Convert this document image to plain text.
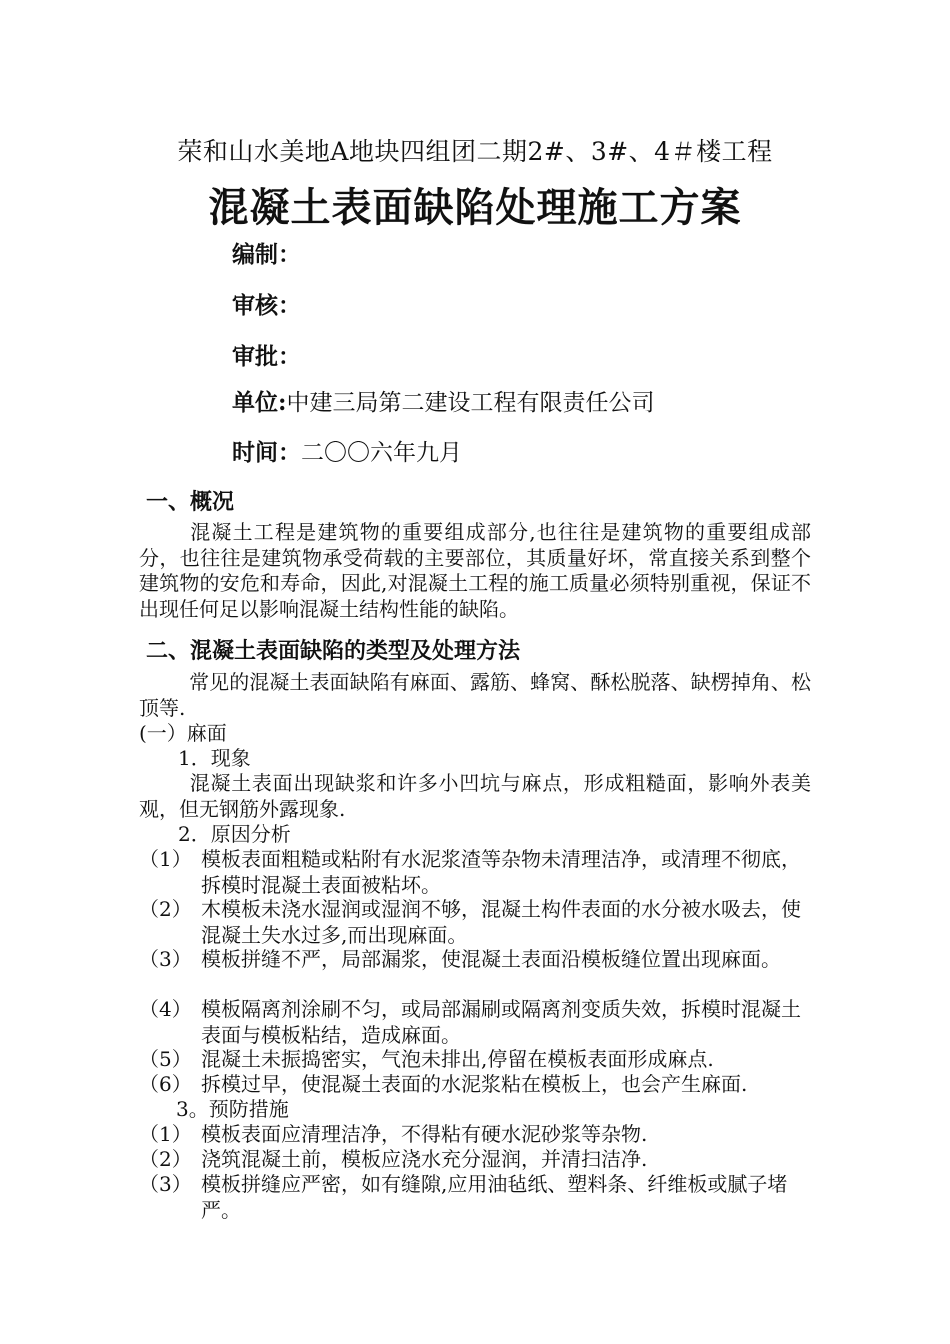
荣和山水美地A地块四组团二期2#、3#、4＃楼工程
混凝土表面缺陷处理施工方案
编制：
审核：
审批：
单位:中建三局第二建设工程有限责任公司
时间：二〇〇六年九月
一、概况
混凝土工程是建筑物的重要组成部分,也往往是建筑物的重要组成部分，也往往是建筑物承受荷载的主要部位，其质量好坏，常直接关系到整个建筑物的安危和寿命，因此,对混凝土工程的施工质量必须特别重视，保证不出现任何足以影响混凝土结构性能的缺陷。
二、混凝土表面缺陷的类型及处理方法
常见的混凝土表面缺陷有麻面、露筋、蜂窝、酥松脱落、缺楞掉角、松顶等.
(一）麻面
1．现象
混凝土表面出现缺浆和许多小凹坑与麻点，形成粗糙面，影响外表美观，但无钢筋外露现象.
2．原因分析
（1） 模板表面粗糙或粘附有水泥浆渣等杂物未清理洁净，或清理不彻底，拆模时混凝土表面被粘坏。
（2） 木模板未浇水湿润或湿润不够，混凝土构件表面的水分被水吸去，使混凝土失水过多,而出现麻面。
（3） 模板拼缝不严，局部漏浆，使混凝土表面沿模板缝位置出现麻面。
（4） 模板隔离剂涂刷不匀，或局部漏刷或隔离剂变质失效，拆模时混凝土表面与模板粘结，造成麻面。
（5） 混凝土未振捣密实，气泡未排出,停留在模板表面形成麻点.
（6） 拆模过早，使混凝土表面的水泥浆粘在模板上，也会产生麻面.
3。预防措施
（1） 模板表面应清理洁净，不得粘有硬水泥砂浆等杂物.
（2） 浇筑混凝土前，模板应浇水充分湿润，并清扫洁净.
（3） 模板拼缝应严密，如有缝隙,应用油毡纸、塑料条、纤维板或腻子堵严。
